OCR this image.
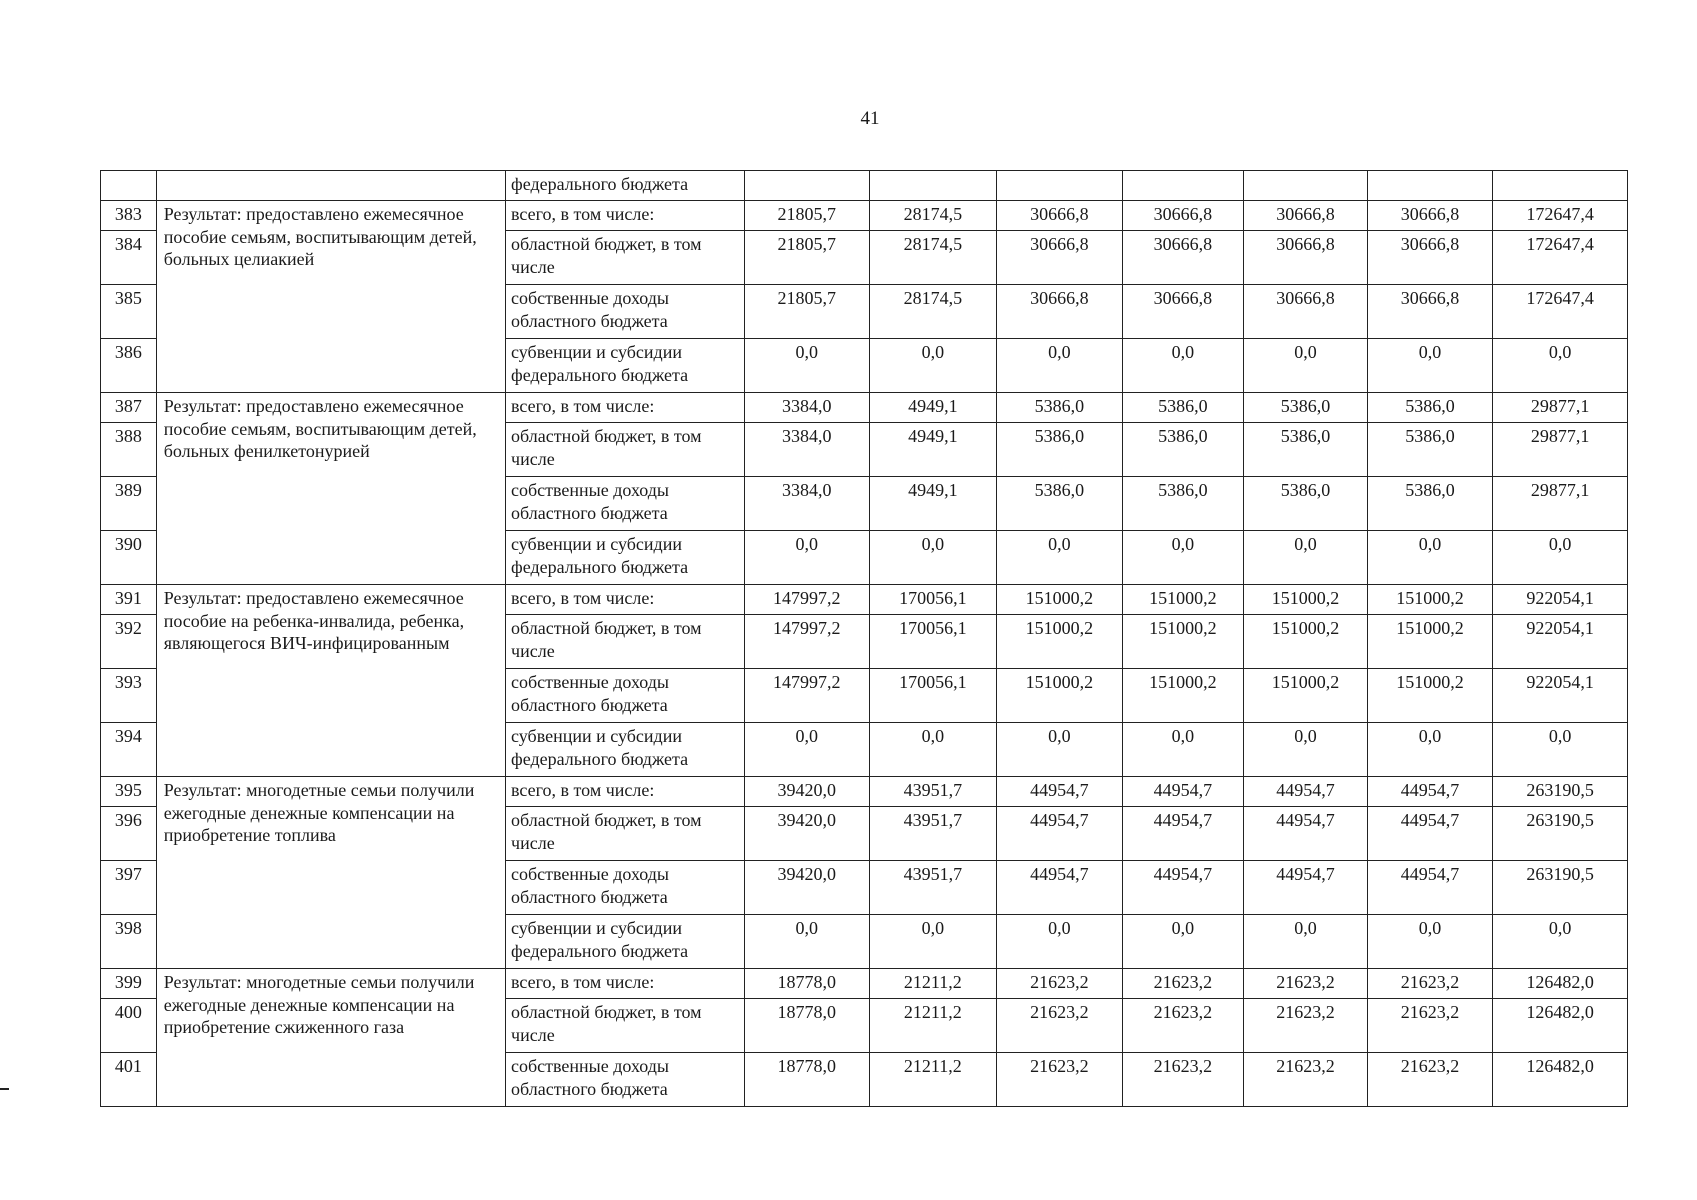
41
		федерального бюджета							
383	Результат: предоставлено ежемесячное пособие семьям, воспитывающим детей, больных целиакией	всего, в том числе:	21805,7	28174,5	30666,8	30666,8	30666,8	30666,8	172647,4
384		областной бюджет, в том числе	21805,7	28174,5	30666,8	30666,8	30666,8	30666,8	172647,4
385		собственные доходы областного бюджета	21805,7	28174,5	30666,8	30666,8	30666,8	30666,8	172647,4
386		субвенции и субсидии федерального бюджета	0,0	0,0	0,0	0,0	0,0	0,0	0,0
387	Результат: предоставлено ежемесячное пособие семьям, воспитывающим детей, больных фенилкетонурией	всего, в том числе:	3384,0	4949,1	5386,0	5386,0	5386,0	5386,0	29877,1
388		областной бюджет, в том числе	3384,0	4949,1	5386,0	5386,0	5386,0	5386,0	29877,1
389		собственные доходы областного бюджета	3384,0	4949,1	5386,0	5386,0	5386,0	5386,0	29877,1
390		субвенции и субсидии федерального бюджета	0,0	0,0	0,0	0,0	0,0	0,0	0,0
391	Результат: предоставлено ежемесячное пособие на ребенка-инвалида, ребенка, являющегося ВИЧ-инфицированным	всего, в том числе:	147997,2	170056,1	151000,2	151000,2	151000,2	151000,2	922054,1
392		областной бюджет, в том числе	147997,2	170056,1	151000,2	151000,2	151000,2	151000,2	922054,1
393		собственные доходы областного бюджета	147997,2	170056,1	151000,2	151000,2	151000,2	151000,2	922054,1
394		субвенции и субсидии федерального бюджета	0,0	0,0	0,0	0,0	0,0	0,0	0,0
395	Результат: многодетные семьи получили ежегодные денежные компенсации на приобретение топлива	всего, в том числе:	39420,0	43951,7	44954,7	44954,7	44954,7	44954,7	263190,5
396		областной бюджет, в том числе	39420,0	43951,7	44954,7	44954,7	44954,7	44954,7	263190,5
397		собственные доходы областного бюджета	39420,0	43951,7	44954,7	44954,7	44954,7	44954,7	263190,5
398		субвенции и субсидии федерального бюджета	0,0	0,0	0,0	0,0	0,0	0,0	0,0
399	Результат: многодетные семьи получили ежегодные денежные компенсации на приобретение сжиженного газа	всего, в том числе:	18778,0	21211,2	21623,2	21623,2	21623,2	21623,2	126482,0
400		областной бюджет, в том числе	18778,0	21211,2	21623,2	21623,2	21623,2	21623,2	126482,0
401		собственные доходы областного бюджета	18778,0	21211,2	21623,2	21623,2	21623,2	21623,2	126482,0
